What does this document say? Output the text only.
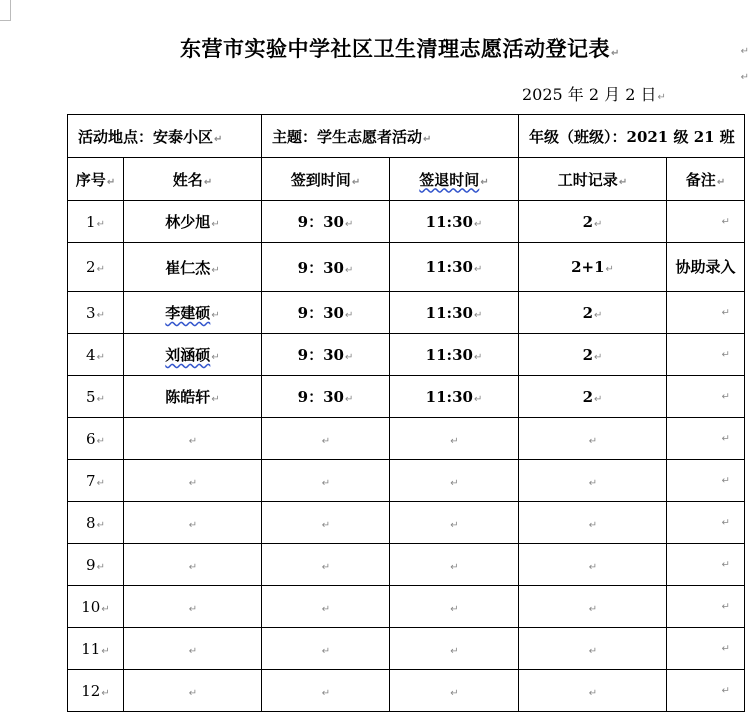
↵
↵
东营市实验中学社区卫生清理志愿活动登记表↵
2025 年 2 月 2 日↵
活动地点：安泰小区↵		主题：学生志愿者活动↵		年级（班级）：2021 级 21 班	
序号↵	姓名↵	签到时间↵	签退时间↵	工时记录↵	备注↵
1↵	林少旭↵	9：30↵	11:30↵	2↵	↵

2↵	崔仁杰↵	9：30↵	11:30↵	2+1↵	协助录入
3↵	李建硕↵	9：30↵	11:30↵	2↵	↵

4↵	刘涵硕↵	9：30↵	11:30↵	2↵	↵

5↵	陈皓轩↵	9：30↵	11:30↵	2↵	↵

6↵	↵	↵	↵	↵	↵

7↵	↵	↵	↵	↵	↵

8↵	↵	↵	↵	↵	↵

9↵	↵	↵	↵	↵	↵

10↵	↵	↵	↵	↵	↵

11↵	↵	↵	↵	↵	↵

12↵	↵	↵	↵	↵	↵
